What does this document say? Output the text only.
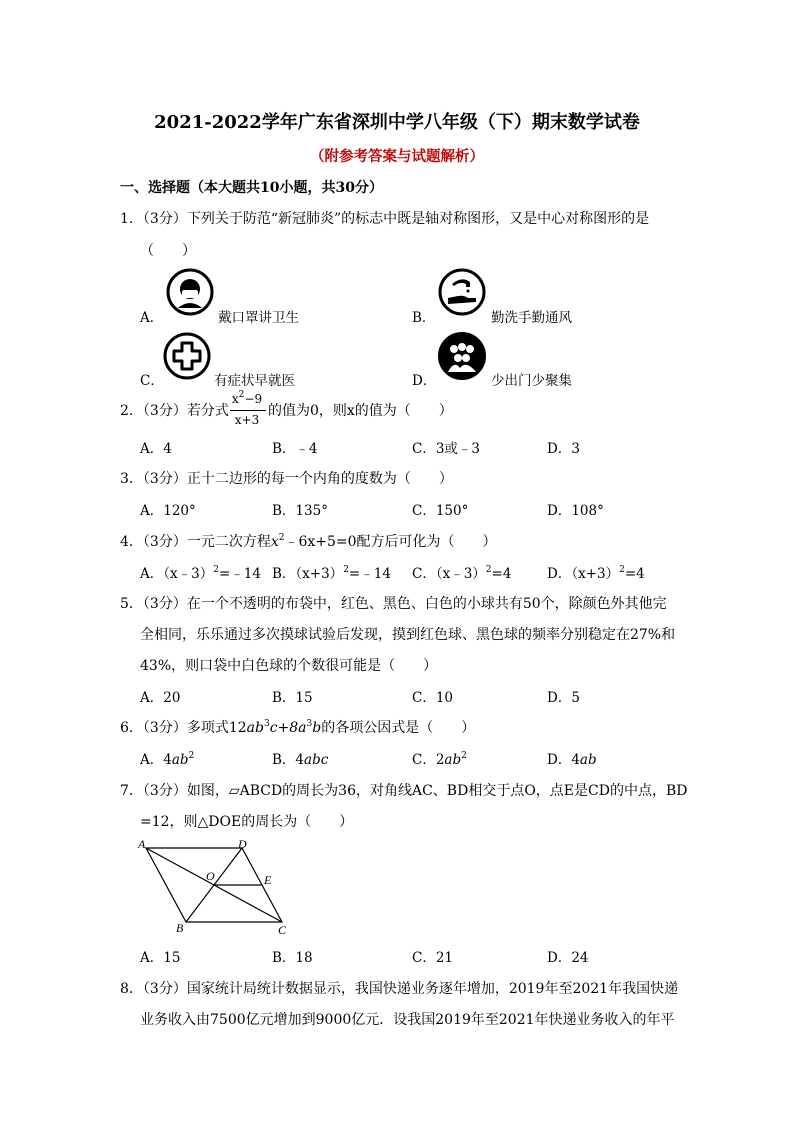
2021-2022学年广东省深圳中学八年级（下）期末数学试卷
（附参考答案与试题解析）
一、选择题（本大题共10小题，共30分）
1．（3分）下列关于防范“新冠肺炎”的标志中既是轴对称图形，又是中心对称图形的是
（　　）
A．	戴口罩讲卫生	B．	勤洗手勤通风
C．	有症状早就医	D．	少出门少聚集
2．（3分）若分式
$x^2-9$
x+3
的值为0，则x的值为（　　）
A．4	B．﹣4	C．3或﹣3	D．3
3．（3分）正十二边形的每一个内角的度数为（　　）
A．120°	B．135°	C．150°	D．108°
4．（3分）一元二次方程$x^2﹣6x+5=0$配方后可化为（　　）
A．（x﹣3）$^2$=﹣14 B．$(x+3)^2=﹣14$ C．（x﹣3）$^2$=4	D．$(x+3)^2=4$
5．（3分）在一个不透明的布袋中，红色、黑色、白色的小球共有50个，除颜色外其他完
全相同，乐乐通过多次摸球试验后发现，摸到红色球、黑色球的频率分别稳定在27%和
43%，则口袋中白色球的个数很可能是（　　）
A．20	B．15	C．10	D．5
6．（3分）多项式$12ab^3c+8a^3b$的各项公因式是（　　）
A．$4ab^2$	B．4abc	C．$2ab^2$	D．4ab
7．（3分）如图，▱ABCD的周长为36，对角线AC、BD相交于点O，点E是CD的中点，BD
=12，则△DOE的周长为（　　）
A	D
O	E
B	C
A．15	B．18	C．21	D．24
8．（3分）国家统计局统计数据显示，我国快递业务逐年增加，2019年至2021年我国快递
业务收入由7500亿元增加到9000亿元．设我国2019年至2021年快递业务收入的年平
